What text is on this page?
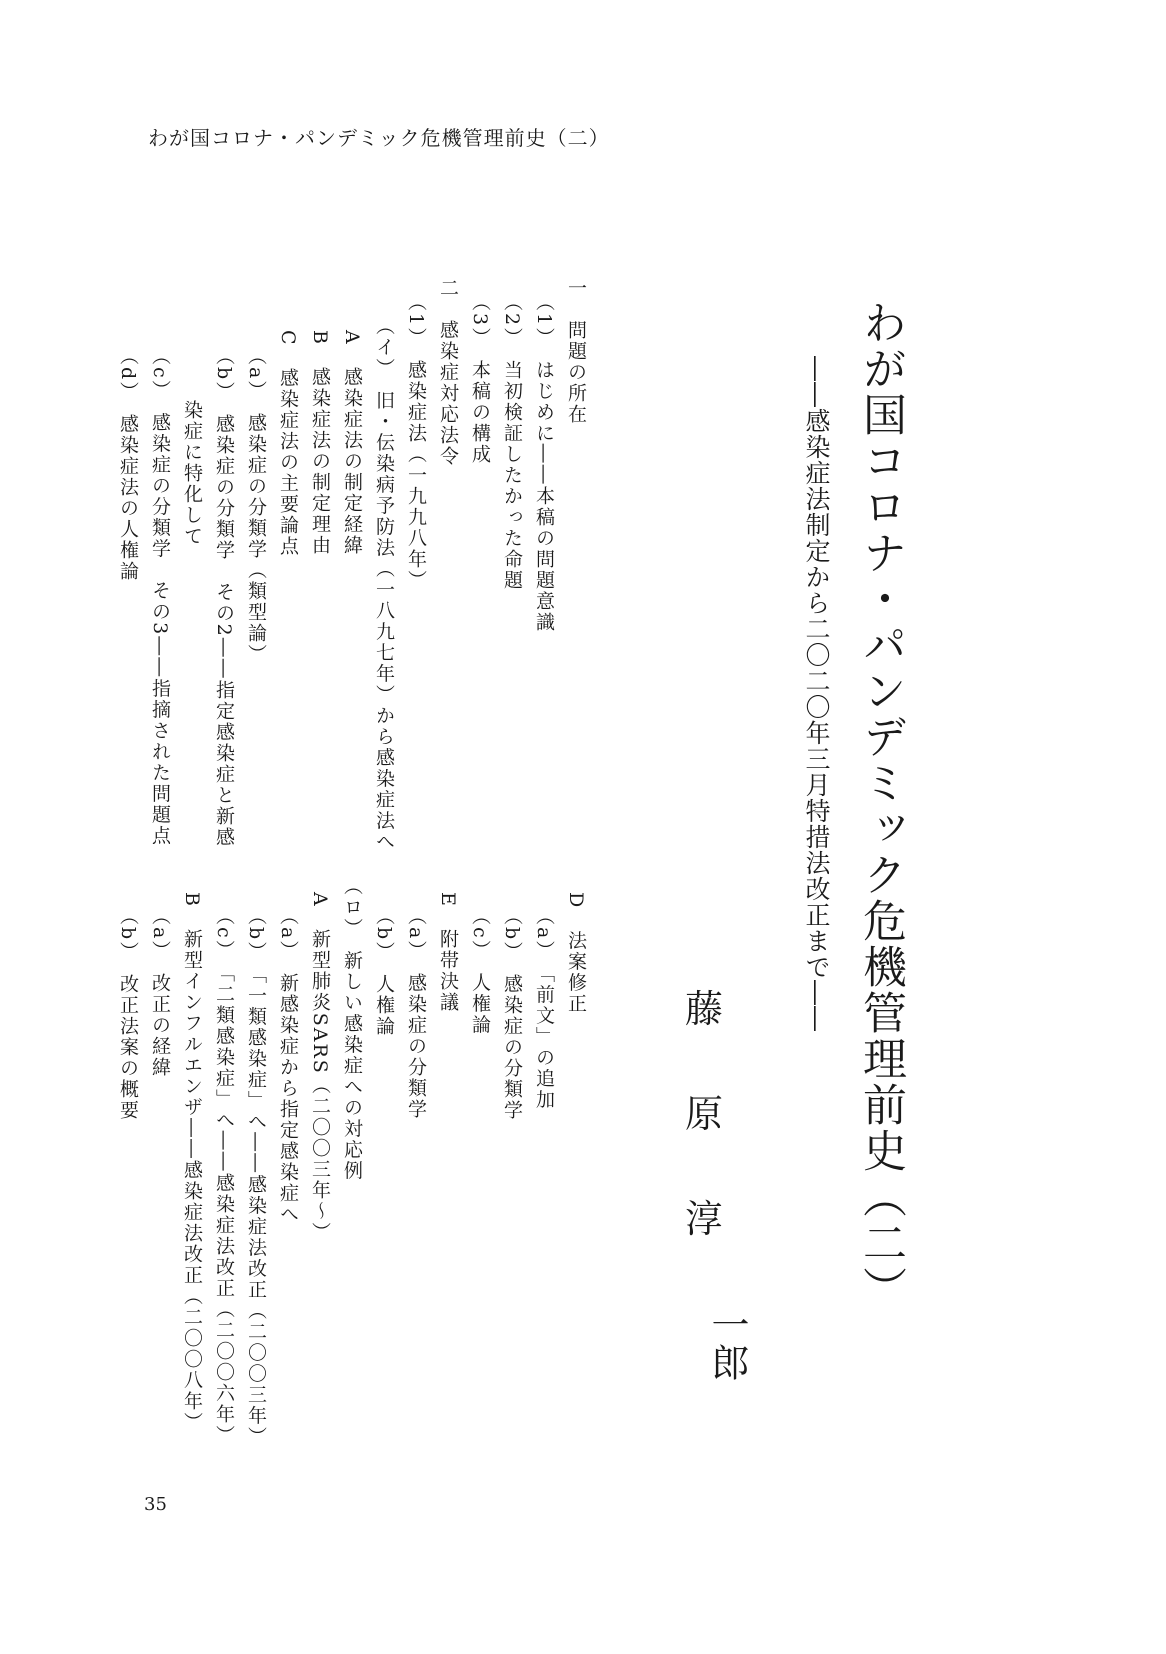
わが国コロナ・パンデミック危機管理前史（二）
わが国コロナ・パンデミック危機管理前史（二）
――感染症法制定から二〇二〇年三月特措法改正まで――
藤
原
淳
一郎
一　問題の所在
（1）　はじめに――本稿の問題意識
（2）　当初検証したかった命題
（3）　本稿の構成
二　感染症対応法令
（1）　感染症法（一九九八年）
（イ）　旧・伝染病予防法（一八九七年）から感染症法へ
A　感染症法の制定経緯
B　感染症法の制定理由
C　感染症法の主要論点
（a）　感染症の分類学（類型論）
（b）　感染症の分類学　その2――指定感染症と新感
染症に特化して
（c）　感染症の分類学　その3――指摘された問題点
（d）　感染症法の人権論
D　法案修正
（a）　「前文」の追加
（b）　感染症の分類学
（c）　人権論
E　附帯決議
（a）　感染症の分類学
（b）　人権論
（ロ）　新しい感染症への対応例
A　新型肺炎SARS（二〇〇三年～）
（a）　新感染症から指定感染症へ
（b）　「一類感染症」へ――感染症法改正（二〇〇三年）
（c）　「二類感染症」へ――感染症法改正（二〇〇六年）
B　新型インフルエンザ――感染症法改正（二〇〇八年）
（a）　改正の経緯
（b）　改正法案の概要
35
